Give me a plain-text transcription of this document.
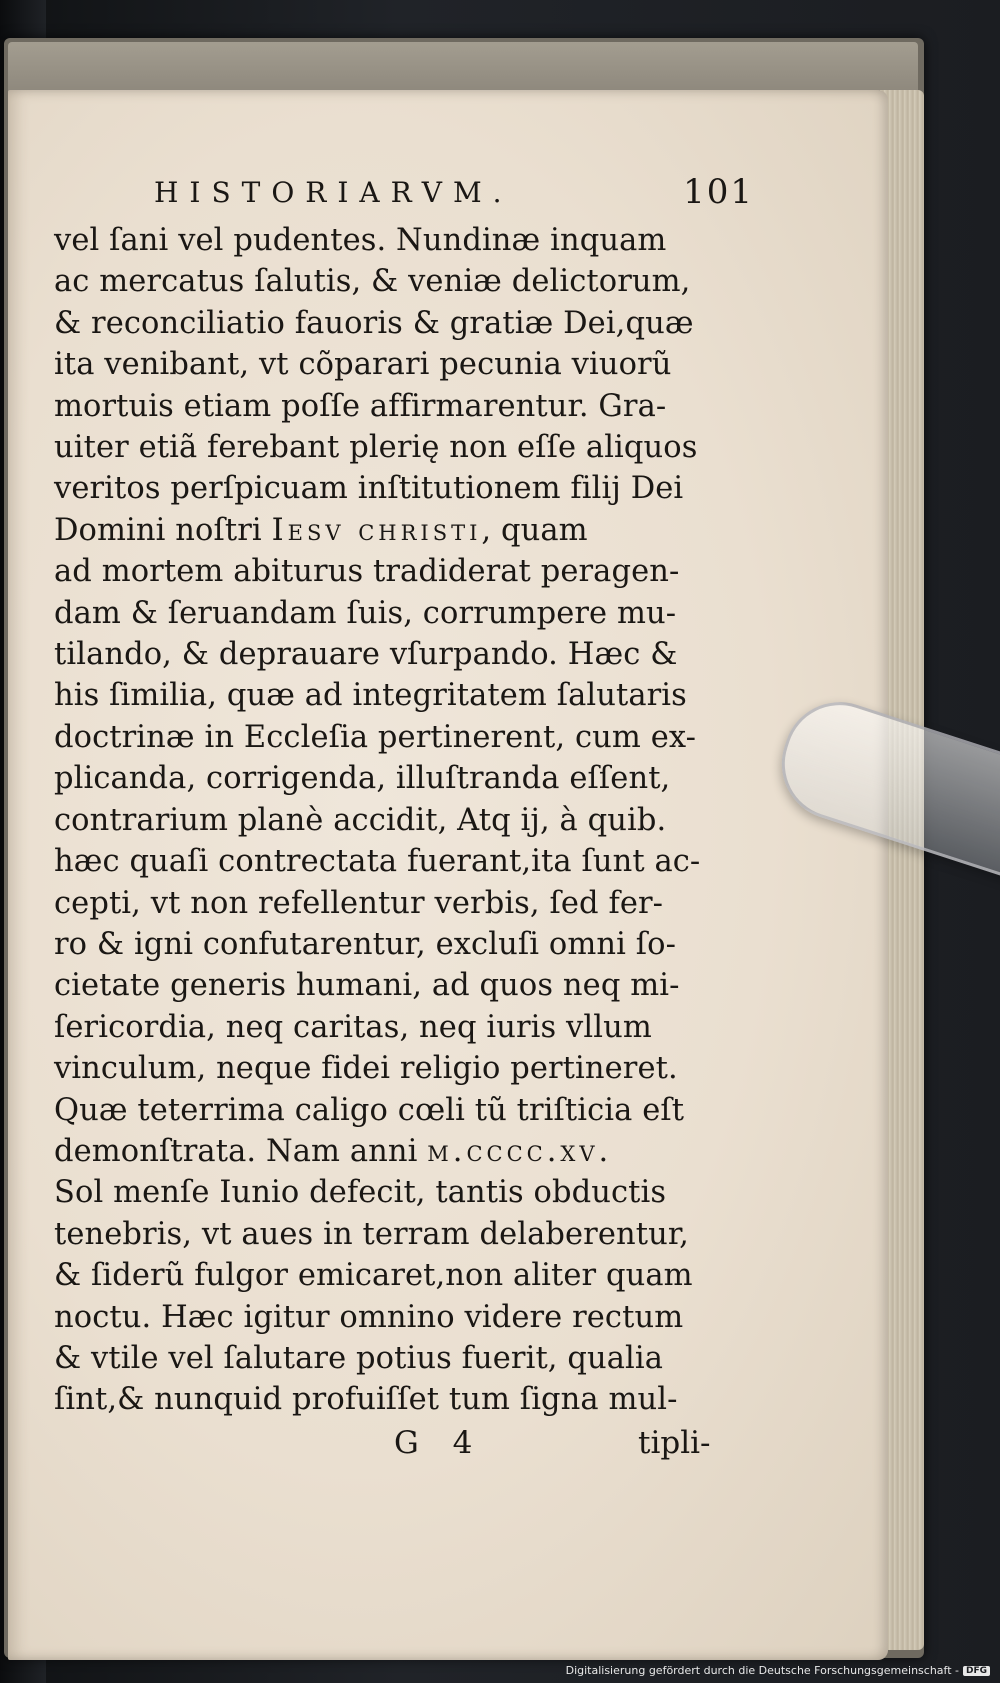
HISTORIARVM.	101
vel ſani vel pudentes. Nundinæ inquam
ac mercatus ſalutis, & veniæ delictorum,
& reconciliatio fauoris & gratiæ Dei,quæ
ita venibant, vt cõparari pecunia viuorũ
mortuis etiam poſſe affirmarentur. Gra-
uiter etiã ferebant plerię non eſſe aliquos
veritos perſpicuam inſtitutionem filij Dei
Domini noſtri Iesv christi, quam
ad mortem abiturus tradiderat peragen-
dam & ſeruandam ſuis, corrumpere mu-
tilando, & deprauare vſurpando. Hæc &
his ſimilia, quæ ad integritatem ſalutaris
doctrinæ in Eccleſia pertinerent, cum ex-
plicanda, corrigenda, illuſtranda eſſent,
contrarium planè accidit, Atq ij, à quib.
hæc quaſi contrectata fuerant,ita ſunt ac-
cepti, vt non refellentur verbis, ſed fer-
ro & igni confutarentur, excluſi omni ſo-
cietate generis humani, ad quos neq mi-
ſericordia, neq caritas, neq iuris vllum
vinculum, neque fidei religio pertineret.
Quæ teterrima caligo cœli tũ triſticia eſt
demonſtrata. Nam anni m.cccc.xv.
Sol menſe Iunio defecit, tantis obductis
tenebris, vt aues in terram delaberentur,
& ſiderũ fulgor emicaret,non aliter quam
noctu. Hæc igitur omnino videre rectum
& vtile vel ſalutare potius fuerit, qualia
ſint,& nunquid profuiſſet tum ſigna mul-
G 4	tipli-
Digitalisierung gefördert durch die Deutsche Forschungsgemeinschaft - DFG
